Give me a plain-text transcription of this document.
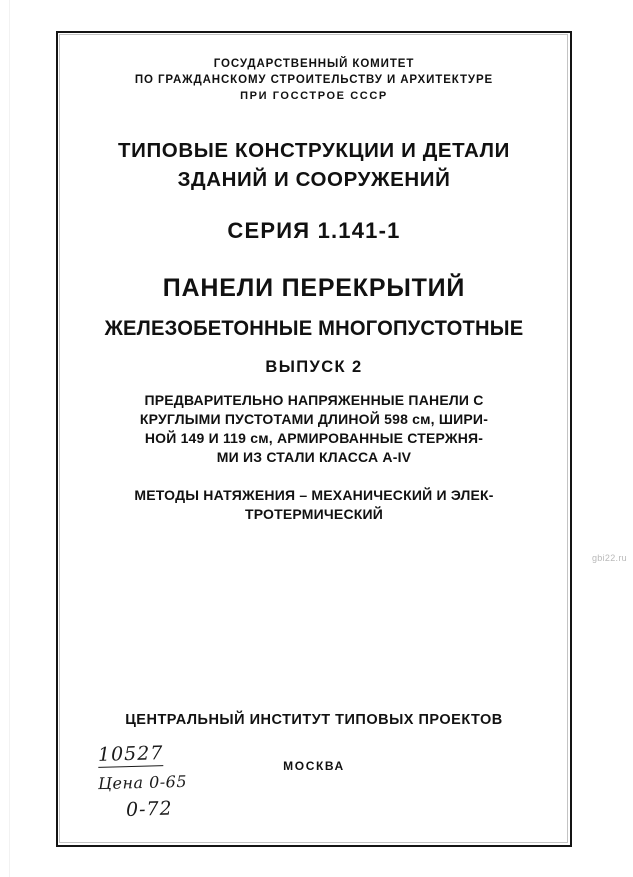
ГОСУДАРСТВЕННЫЙ КОМИТЕТ
ПО ГРАЖДАНСКОМУ СТРОИТЕЛЬСТВУ И АРХИТЕКТУРЕ
ПРИ ГОССТРОЕ СССР
ТИПОВЫЕ КОНСТРУКЦИИ И ДЕТАЛИ
ЗДАНИЙ И СООРУЖЕНИЙ
СЕРИЯ 1.141-1
ПАНЕЛИ ПЕРЕКРЫТИЙ
ЖЕЛЕЗОБЕТОННЫЕ МНОГОПУСТОТНЫЕ
ВЫПУСК 2
ПРЕДВАРИТЕЛЬНО НАПРЯЖЕННЫЕ ПАНЕЛИ С
КРУГЛЫМИ ПУСТОТАМИ ДЛИНОЙ 598 см, ШИРИ-
НОЙ 149 И 119 см, АРМИРОВАННЫЕ СТЕРЖНЯ-
МИ ИЗ СТАЛИ КЛАССА А-IV
МЕТОДЫ НАТЯЖЕНИЯ – МЕХАНИЧЕСКИЙ И ЭЛЕК-
ТРОТЕРМИЧЕСКИЙ
ЦЕНТРАЛЬНЫЙ ИНСТИТУТ ТИПОВЫХ ПРОЕКТОВ
МОСКВА
10527
Цена 0-65
0-72
gbi22.ru
